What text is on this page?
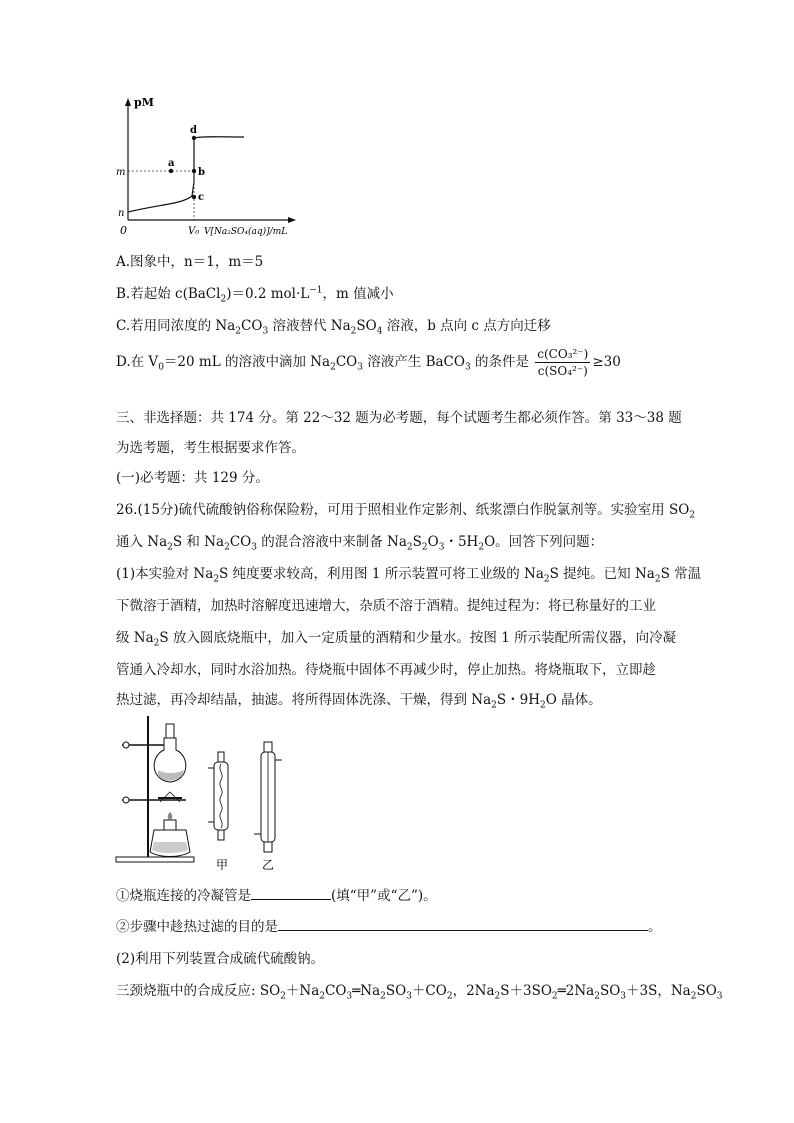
pM
m
n
0	V₀ V[Na₂SO₄(aq)]/mL
a
b
c
d
A.图象中，n＝1，m＝5
B.若起始 c(BaCl$_2$)＝0.2 $mol\cdot L^{-1}$，m 值减小
C.若用同浓度的 $Na_2CO_3$ 溶液替代 $Na_2SO_4$ 溶液，b 点向 c 点方向迁移
D.在 $V_0=20$ mL 的溶液中滴加 $Na_2CO_3$ 溶液产生 BaCO$_3$ 的条件是 $\frac{\text{c(CO₃²⁻)}}{\text{c(SO₄²⁻)}} \ge 30$
三、非选择题：共 174 分。第 22～32 题为必考题，每个试题考生都必须作答。第 33～38 题
为选考题，考生根据要求作答。
(一)必考题：共 129 分。
26.(15分)硫代硫酸钠俗称保险粉，可用于照相业作定影剂、纸浆漂白作脱氯剂等。实验室用 $SO_2$
通入 $Na_2S$ 和 $Na_2CO_3$ 的混合溶液中来制备 $Na_2S_2O_3$・$5H_2O$。回答下列问题：
(1)本实验对 $Na_2S$ 纯度要求较高，利用图 1 所示装置可将工业级的 $Na_2S$ 提纯。已知 $Na_2S$ 常温
下微溶于酒精，加热时溶解度迅速增大，杂质不溶于酒精。提纯过程为：将已称量好的工业
级 $Na_2S$ 放入圆底烧瓶中，加入一定质量的酒精和少量水。按图 1 所示装配所需仪器，向冷凝
管通入冷却水，同时水浴加热。待烧瓶中固体不再减少时，停止加热。将烧瓶取下，立即趁
热过滤，再冷却结晶，抽滤。将所得固体洗涤、干燥，得到 $Na_2S$・$9H_2O$ 晶体。
甲	乙
①烧瓶连接的冷凝管是	(填“甲”或“乙”)。
②步骤中趁热过滤的目的是	。
(2)利用下列装置合成硫代硫酸钠。
三颈烧瓶中的合成反应: $SO_2+Na_2CO_3═Na_2SO_3+CO_2$，$2Na_2S+3SO_2═2Na_2SO_3+3S$，$Na_2SO_3$
